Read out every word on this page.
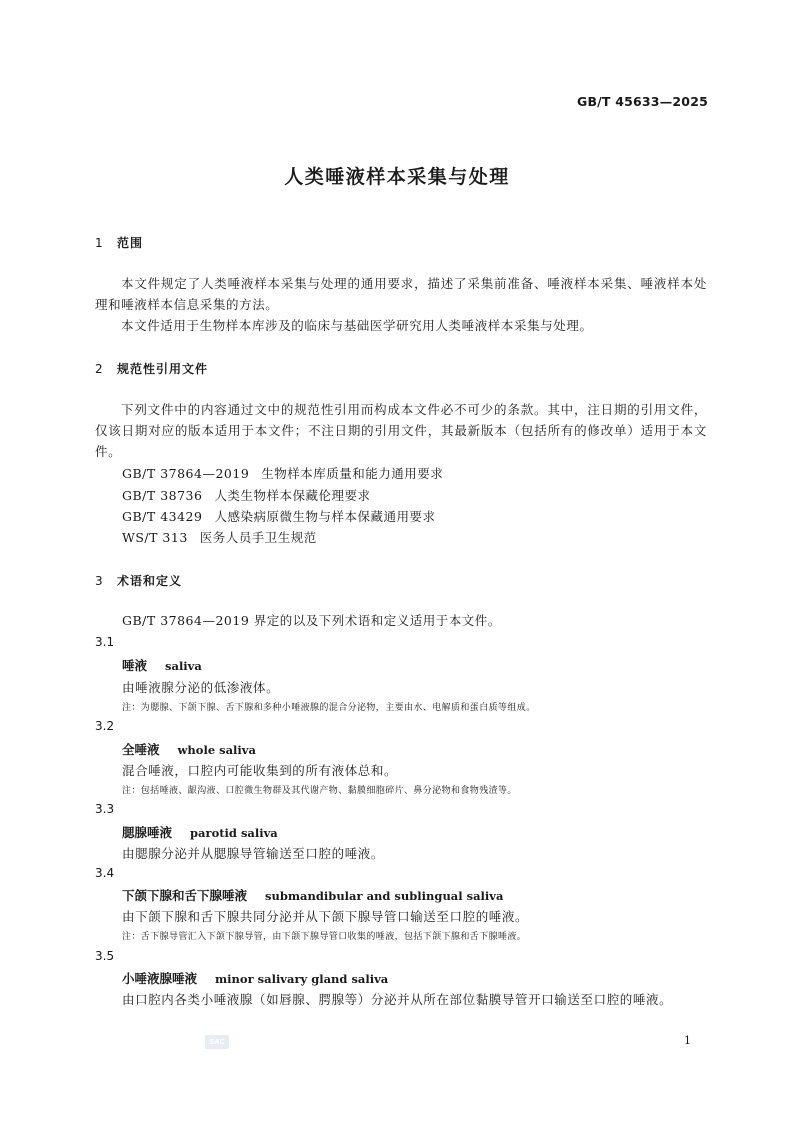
GB/T 45633—2025
人类唾液样本采集与处理
1 范围

本文件规定了人类唾液样本采集与处理的通用要求，描述了采集前准备、唾液样本采集、唾液样本处理和唾液样本信息采集的方法。

本文件适用于生物样本库涉及的临床与基础医学研究用人类唾液样本采集与处理。

2 规范性引用文件

下列文件中的内容通过文中的规范性引用而构成本文件必不可少的条款。其中，注日期的引用文件，仅该日期对应的版本适用于本文件；不注日期的引用文件，其最新版本（包括所有的修改单）适用于本文件。

GB/T 37864—2019 生物样本库质量和能力通用要求
GB/T 38736 人类生物样本保藏伦理要求
GB/T 43429 人感染病原微生物与样本保藏通用要求
WS/T 313 医务人员手卫生规范
3 术语和定义
GB/T 37864—2019 界定的以及下列术语和定义适用于本文件。
3.1
唾液 saliva
由唾液腺分泌的低渗液体。
注：为腮腺、下颌下腺、舌下腺和多种小唾液腺的混合分泌物，主要由水、电解质和蛋白质等组成。
3.2
全唾液 whole saliva
混合唾液，口腔内可能收集到的所有液体总和。
注：包括唾液、龈沟液、口腔微生物群及其代谢产物、黏膜细胞碎片、鼻分泌物和食物残渣等。
3.3
腮腺唾液 parotid saliva
由腮腺分泌并从腮腺导管输送至口腔的唾液。
3.4
下颌下腺和舌下腺唾液 submandibular and sublingual saliva
由下颌下腺和舌下腺共同分泌并从下颌下腺导管口输送至口腔的唾液。
注：舌下腺导管汇入下颌下腺导管，由下颌下腺导管口收集的唾液，包括下颌下腺和舌下腺唾液。
3.5
小唾液腺唾液 minor salivary gland saliva
由口腔内各类小唾液腺（如唇腺、腭腺等）分泌并从所在部位黏膜导管开口输送至口腔的唾液。
SAC	1
